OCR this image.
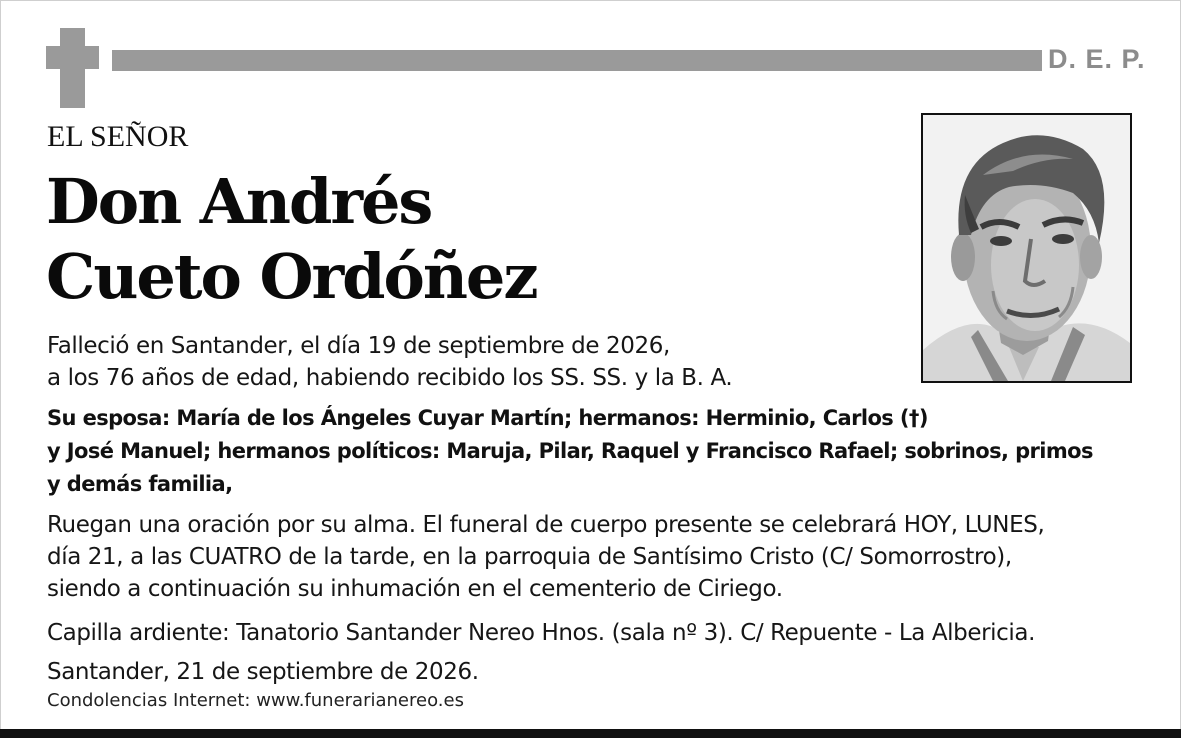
D. E. P.
EL SEÑOR
Don Andrés
Cueto Ordóñez
Falleció en Santander, el día 19 de septiembre de 2026,
a los 76 años de edad, habiendo recibido los SS. SS. y la B. A.
Su esposa: María de los Ángeles Cuyar Martín; hermanos: Herminio, Carlos (†)
y José Manuel; hermanos políticos: Maruja, Pilar, Raquel y Francisco Rafael; sobrinos, primos
y demás familia,
Ruegan una oración por su alma. El funeral de cuerpo presente se celebrará HOY, LUNES,
día 21, a las CUATRO de la tarde, en la parroquia de Santísimo Cristo (C/ Somorrostro),
siendo a continuación su inhumación en el cementerio de Ciriego.
Capilla ardiente: Tanatorio Santander Nereo Hnos. (sala nº 3). C/ Repuente - La Albericia.
Santander, 21 de septiembre de 2026.
Condolencias Internet: www.funerarianereo.es
